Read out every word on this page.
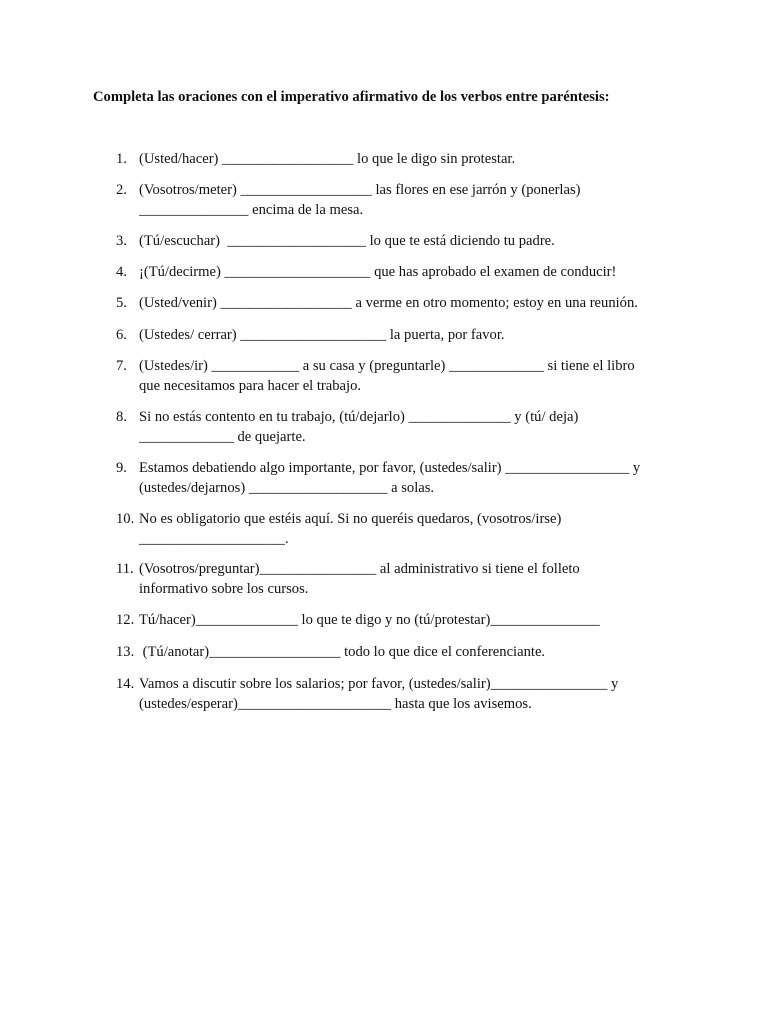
Completa las oraciones con el imperativo afirmativo de los verbos entre paréntesis:
1. (Usted/hacer) __________________ lo que le digo sin protestar.
2. (Vosotros/meter) __________________ las flores en ese jarrón y (ponerlas)
_______________ encima de la mesa.
3. (Tú/escuchar)  ___________________ lo que te está diciendo tu padre.
4. ¡(Tú/decirme) ____________________ que has aprobado el examen de conducir!
5. (Usted/venir) __________________ a verme en otro momento; estoy en una reunión.
6. (Ustedes/ cerrar) ____________________ la puerta, por favor.
7. (Ustedes/ir) ____________ a su casa y (preguntarle) _____________ si tiene el libro
que necesitamos para hacer el trabajo.
8. Si no estás contento en tu trabajo, (tú/dejarlo) ______________ y (tú/ deja)
_____________ de quejarte.
9. Estamos debatiendo algo importante, por favor, (ustedes/salir) _________________ y
(ustedes/dejarnos) ___________________ a solas.
10. No es obligatorio que estéis aquí. Si no queréis quedaros, (vosotros/irse)
____________________.
11. (Vosotros/preguntar)________________ al administrativo si tiene el folleto
informativo sobre los cursos.
12. Tú/hacer)______________ lo que te digo y no (tú/protestar)_______________
13. (Tú/anotar)__________________ todo lo que dice el conferenciante.
14. Vamos a discutir sobre los salarios; por favor, (ustedes/salir)________________ y
(ustedes/esperar)_____________________ hasta que los avisemos.
